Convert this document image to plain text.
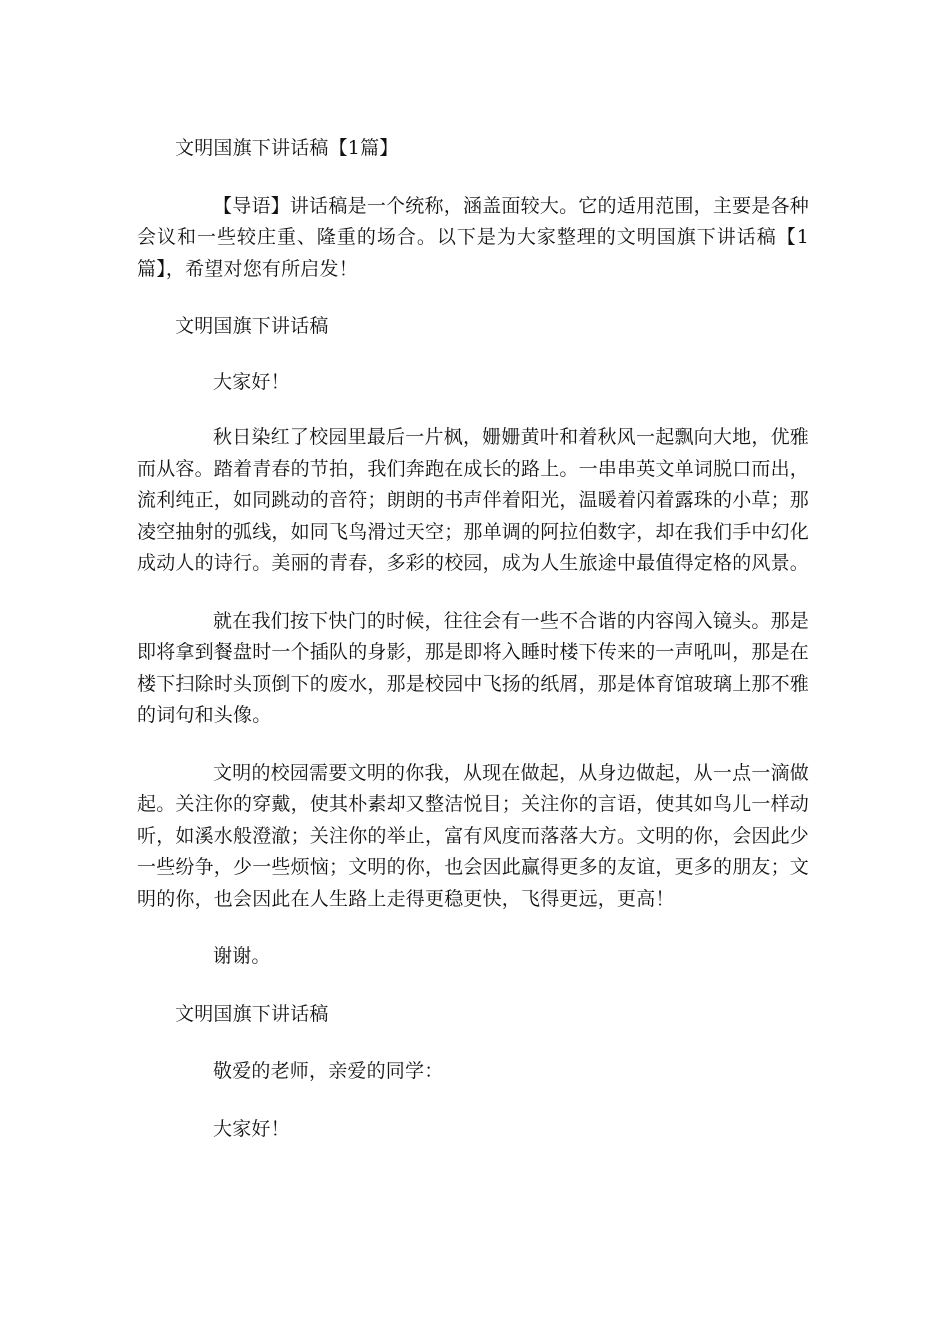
文明国旗下讲话稿【1篇】

【导语】讲话稿是一个统称，涵盖面较大。它的适用范围，主要是各种会议和一些较庄重、隆重的场合。以下是为大家整理的文明国旗下讲话稿【1篇】，希望对您有所启发！

文明国旗下讲话稿

大家好！

秋日染红了校园里最后一片枫，姗姗黄叶和着秋风一起飘向大地，优雅而从容。踏着青春的节拍，我们奔跑在成长的路上。一串串英文单词脱口而出，流利纯正，如同跳动的音符；朗朗的书声伴着阳光，温暖着闪着露珠的小草；那凌空抽射的弧线，如同飞鸟滑过天空；那单调的阿拉伯数字，却在我们手中幻化成动人的诗行。美丽的青春，多彩的校园，成为人生旅途中最值得定格的风景。

就在我们按下快门的时候，往往会有一些不合谐的内容闯入镜头。那是即将拿到餐盘时一个插队的身影，那是即将入睡时楼下传来的一声吼叫，那是在楼下扫除时头顶倒下的废水，那是校园中飞扬的纸屑，那是体育馆玻璃上那不雅的词句和头像。

文明的校园需要文明的你我，从现在做起，从身边做起，从一点一滴做起。关注你的穿戴，使其朴素却又整洁悦目；关注你的言语，使其如鸟儿一样动听，如溪水般澄澈；关注你的举止，富有风度而落落大方。文明的你，会因此少一些纷争，少一些烦恼；文明的你，也会因此赢得更多的友谊，更多的朋友；文明的你，也会因此在人生路上走得更稳更快，飞得更远，更高！

谢谢。

文明国旗下讲话稿

敬爱的老师，亲爱的同学：

大家好！
